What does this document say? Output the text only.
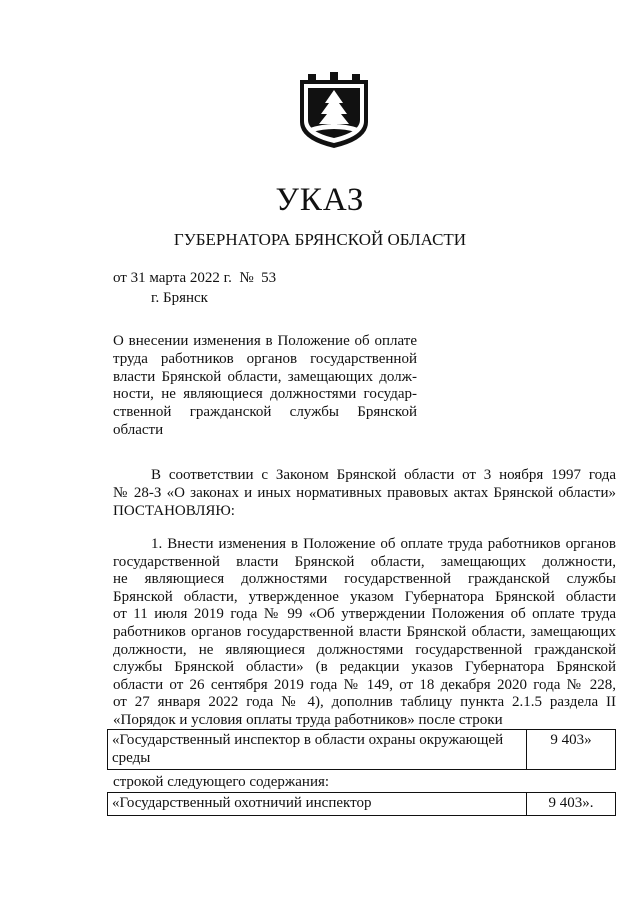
УКАЗ
ГУБЕРНАТОРА БРЯНСКОЙ ОБЛАСТИ
от 31 марта 2022 г.  №  53
г. Брянск
О внесении изменения в Положение об оплате
труда работников органов государственной
власти Брянской области, замещающих долж-
ности, не являющиеся должностями государ-
ственной гражданской службы Брянской
области
В соответствии с Законом Брянской области от 3 ноября 1997 года
№ 28-З «О законах и иных нормативных правовых актах Брянской области»
ПОСТАНОВЛЯЮ:
1. Внести изменения в Положение об оплате труда работников органов
государственной власти Брянской области, замещающих должности,
не являющиеся должностями государственной гражданской службы
Брянской области, утвержденное указом Губернатора Брянской области
от 11 июля 2019 года № 99 «Об утверждении Положения об оплате труда
работников органов государственной власти Брянской области, замещающих
должности, не являющиеся должностями государственной гражданской
службы Брянской области» (в редакции указов Губернатора Брянской
области от 26 сентября 2019 года № 149, от 18 декабря 2020 года № 228,
от 27 января 2022 года № 4), дополнив таблицу пункта 2.1.5 раздела II
«Порядок и условия оплаты труда работников» после строки
«Государственный инспектор в области охраны окружающей среды	9 403»
строкой следующего содержания:
«Государственный охотничий инспектор	9 403».
